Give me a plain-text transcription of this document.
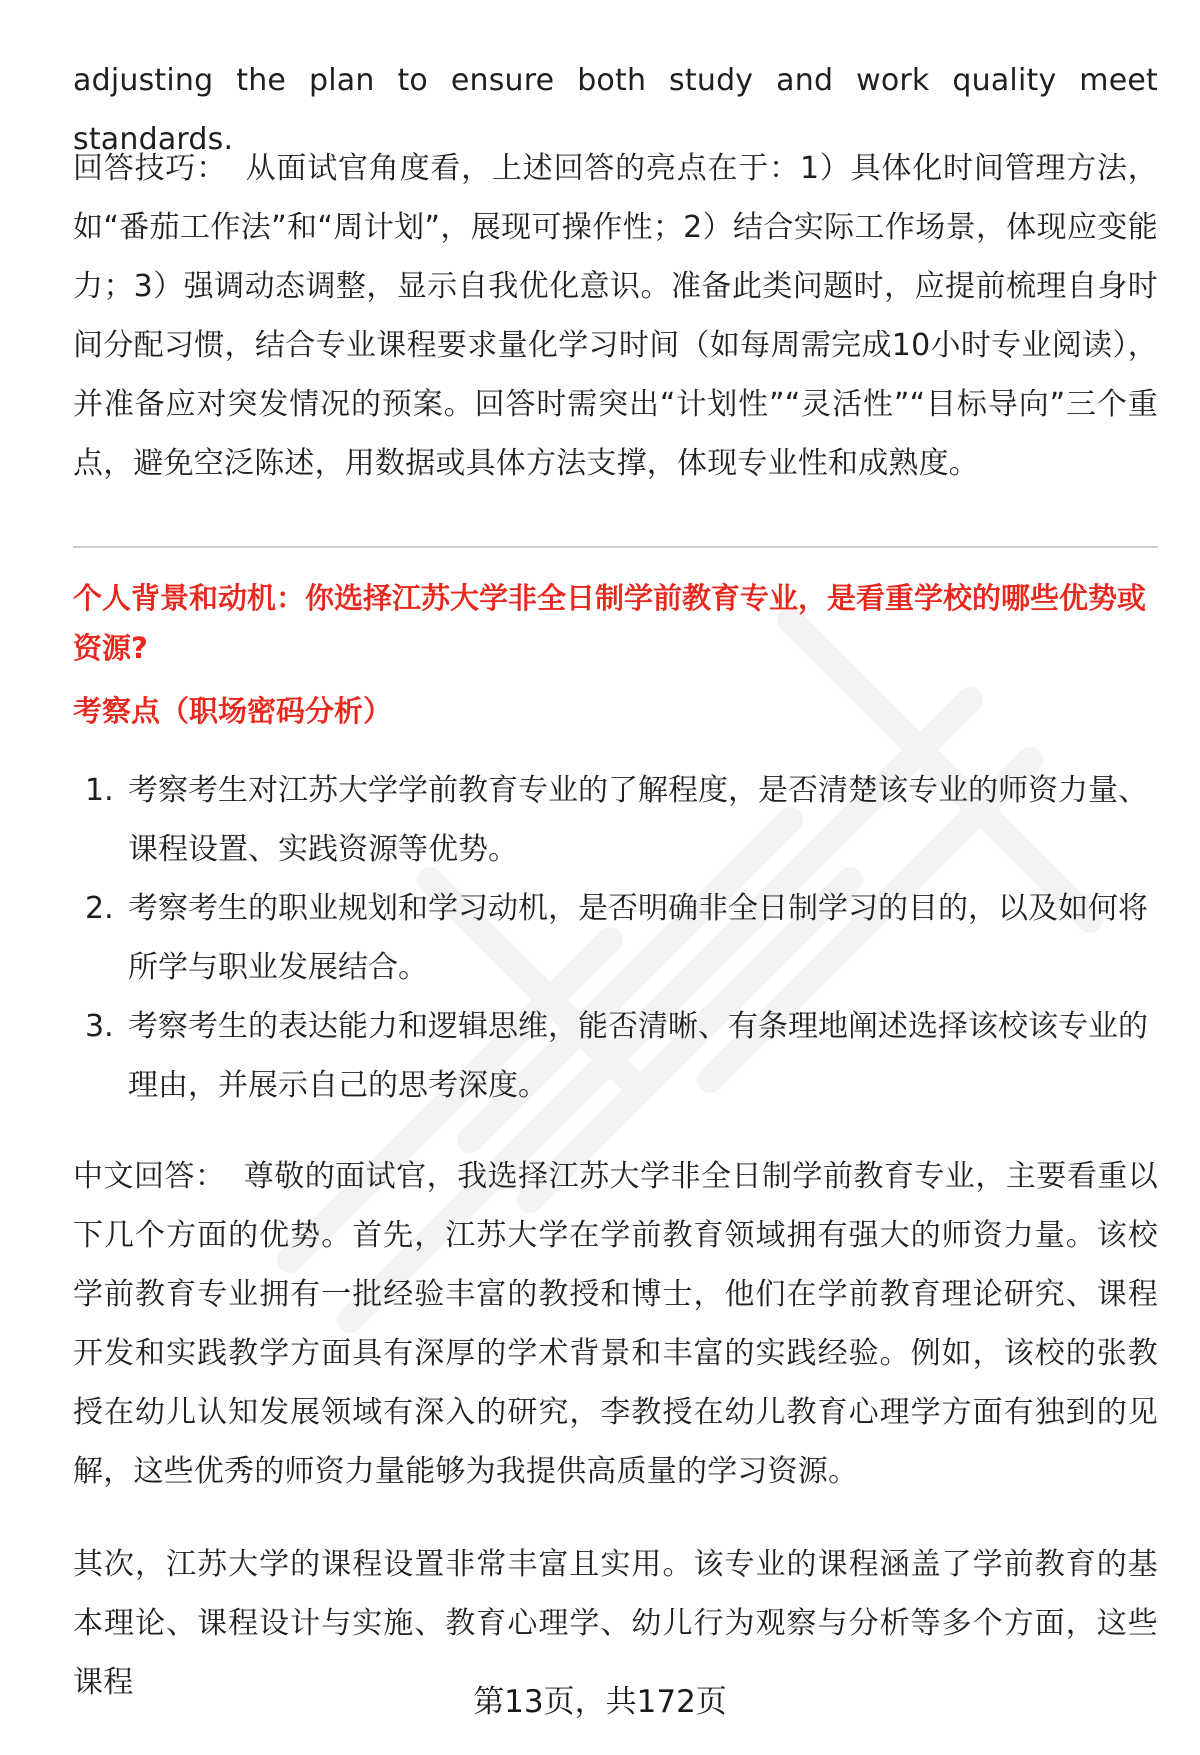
adjusting the plan to ensure both study and work quality meet standards.

回答技巧： 从面试官角度看，上述回答的亮点在于：1）具体化时间管理方法，如“番茄工作法”和“周计划”，展现可操作性；2）结合实际工作场景，体现应变能力；3）强调动态调整，显示自我优化意识。准备此类问题时，应提前梳理自身时间分配习惯，结合专业课程要求量化学习时间（如每周需完成10小时专业阅读），并准备应对突发情况的预案。回答时需突出“计划性”“灵活性”“目标导向”三个重点，避免空泛陈述，用数据或具体方法支撑，体现专业性和成熟度。

个人背景和动机：你选择江苏大学非全日制学前教育专业，是看重学校的哪些优势或资源?

考察点（职场密码分析）

1. 考察考生对江苏大学学前教育专业的了解程度，是否清楚该专业的师资力量、课程设置、实践资源等优势。
2. 考察考生的职业规划和学习动机，是否明确非全日制学习的目的，以及如何将所学与职业发展结合。
3. 考察考生的表达能力和逻辑思维，能否清晰、有条理地阐述选择该校该专业的理由，并展示自己的思考深度。

中文回答： 尊敬的面试官，我选择江苏大学非全日制学前教育专业，主要看重以下几个方面的优势。首先，江苏大学在学前教育领域拥有强大的师资力量。该校学前教育专业拥有一批经验丰富的教授和博士，他们在学前教育理论研究、课程开发和实践教学方面具有深厚的学术背景和丰富的实践经验。例如，该校的张教授在幼儿认知发展领域有深入的研究，李教授在幼儿教育心理学方面有独到的见解，这些优秀的师资力量能够为我提供高质量的学习资源。

其次，江苏大学的课程设置非常丰富且实用。该专业的课程涵盖了学前教育的基本理论、课程设计与实施、教育心理学、幼儿行为观察与分析等多个方面，这些课程

第13页，共172页
